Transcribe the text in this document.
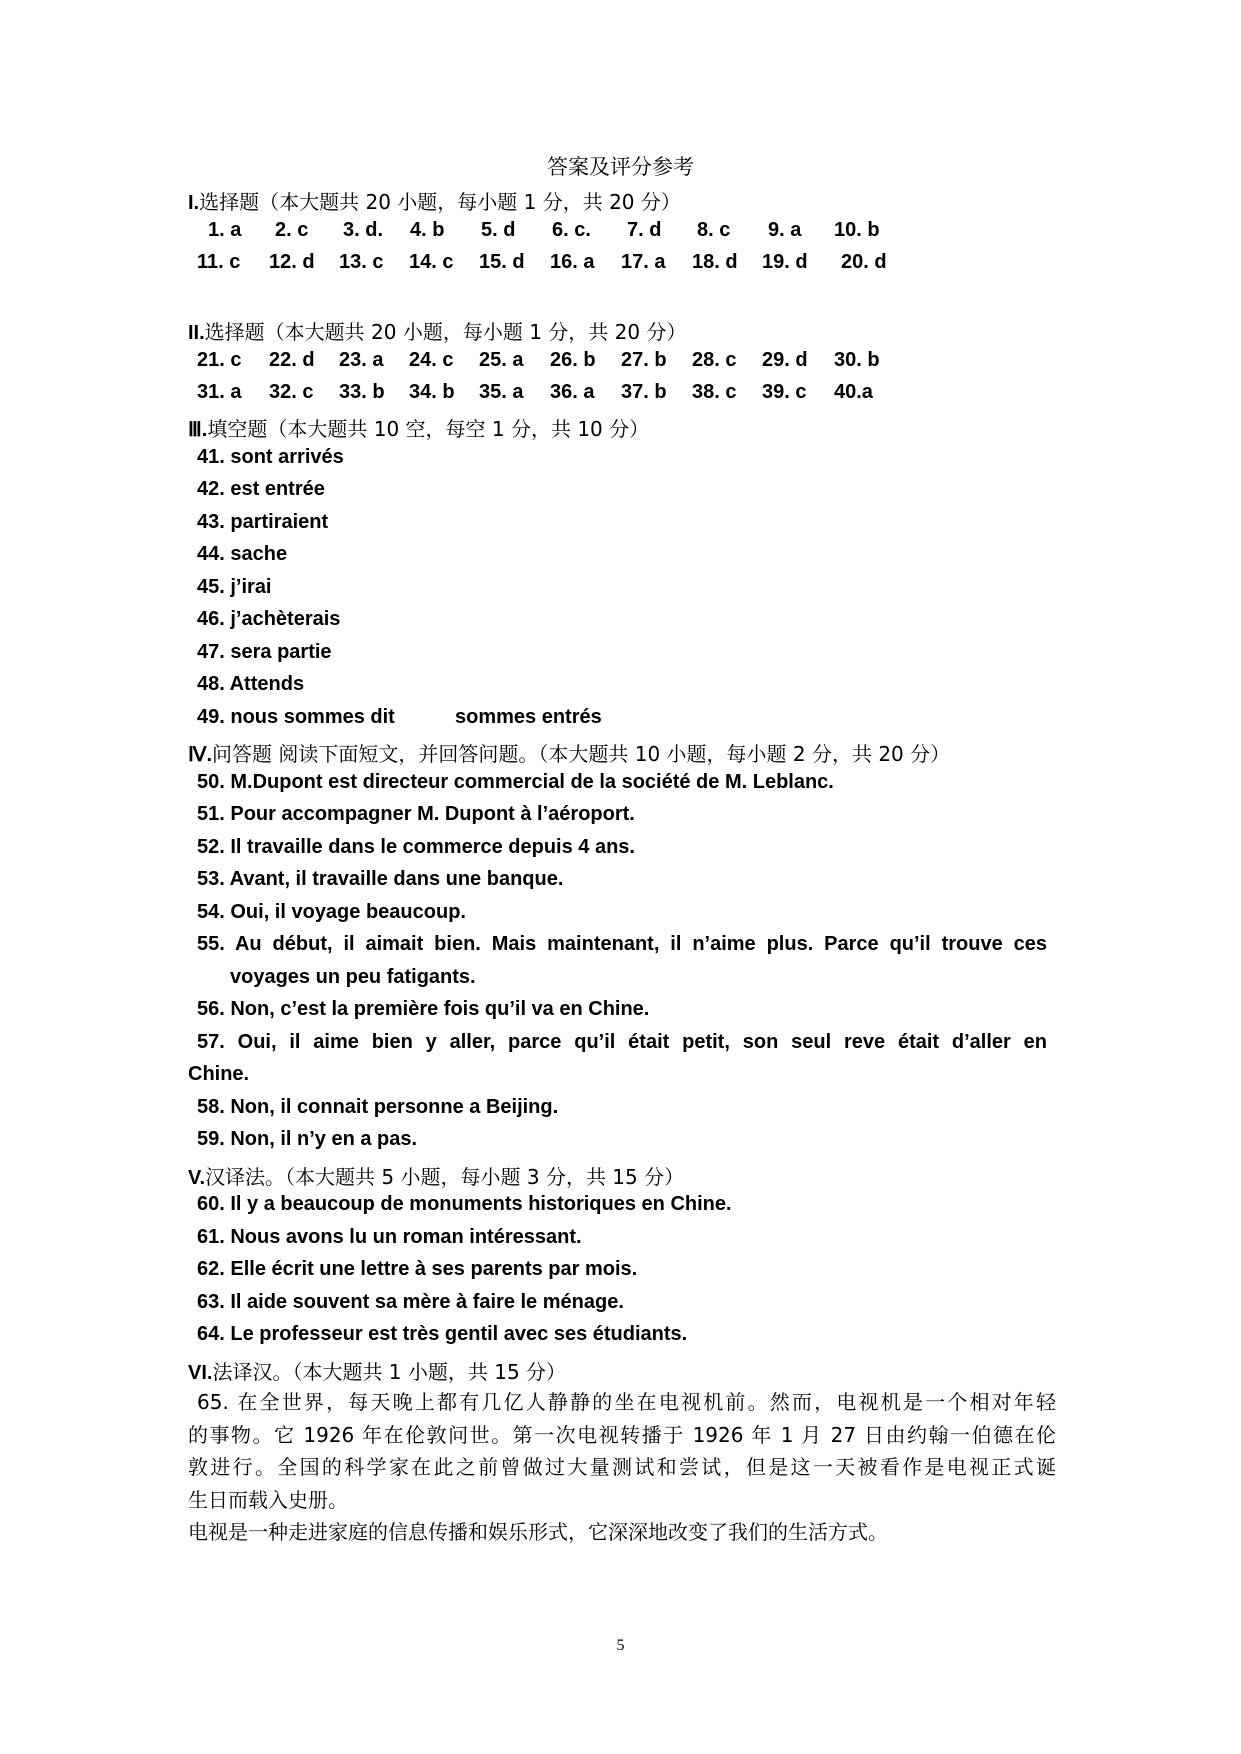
答案及评分参考
I.选择题（本大题共 20 小题，每小题 1 分，共 20 分）
1. a 2. c 3. d. 4. b 5. d 6. c. 7. d 8. c 9. a 10. b
11. c 12. d 13. c 14. c 15. d 16. a 17. a 18. d 19. d 20. d
II.选择题（本大题共 20 小题，每小题 1 分，共 20 分）
21. c 22. d 23. a 24. c 25. a 26. b 27. b 28. c 29. d 30. b
31. a 32. c 33. b 34. b 35. a 36. a 37. b 38. c 39. c 40.a
Ⅲ.填空题（本大题共 10 空，每空 1 分，共 10 分）
41. sont arrivés
42. est entrée
43. partiraient
44. sache
45. j’irai
46. j’achèterais
47. sera partie
48. Attends
49. nous sommes dit	sommes entrés
Ⅳ.问答题 阅读下面短文，并回答问题。（本大题共 10 小题，每小题 2 分，共 20 分）
50. M.Dupont est directeur commercial de la société de M. Leblanc.
51. Pour accompagner M. Dupont à l’aéroport.
52. Il travaille dans le commerce depuis 4 ans.
53. Avant, il travaille dans une banque.
54. Oui, il voyage beaucoup.
55. Au début, il aimait bien. Mais maintenant, il n’aime plus. Parce qu’il trouve ces
voyages un peu fatigants.
56. Non, c’est la première fois qu’il va en Chine.
57. Oui, il aime bien y aller, parce qu’il était petit, son seul reve était d’aller en
Chine.
58. Non, il connait personne a Beijing.
59. Non, il n’y en a pas.
V.汉译法。（本大题共 5 小题，每小题 3 分，共 15 分）
60. Il y a beaucoup de monuments historiques en Chine.
61. Nous avons lu un roman intéressant.
62. Elle écrit une lettre à ses parents par mois.
63. Il aide souvent sa mère à faire le ménage.
64. Le professeur est très gentil avec ses étudiants.
VI.法译汉。（本大题共 1 小题，共 15 分）
65. 在全世界，每天晚上都有几亿人静静的坐在电视机前。然而，电视机是一个相对年轻
的事物。它 1926 年在伦敦问世。第一次电视转播于 1926 年 1 月 27 日由约翰一伯德在伦
敦进行。全国的科学家在此之前曾做过大量测试和尝试，但是这一天被看作是电视正式诞
生日而载入史册。
电视是一种走进家庭的信息传播和娱乐形式，它深深地改变了我们的生活方式。
5
